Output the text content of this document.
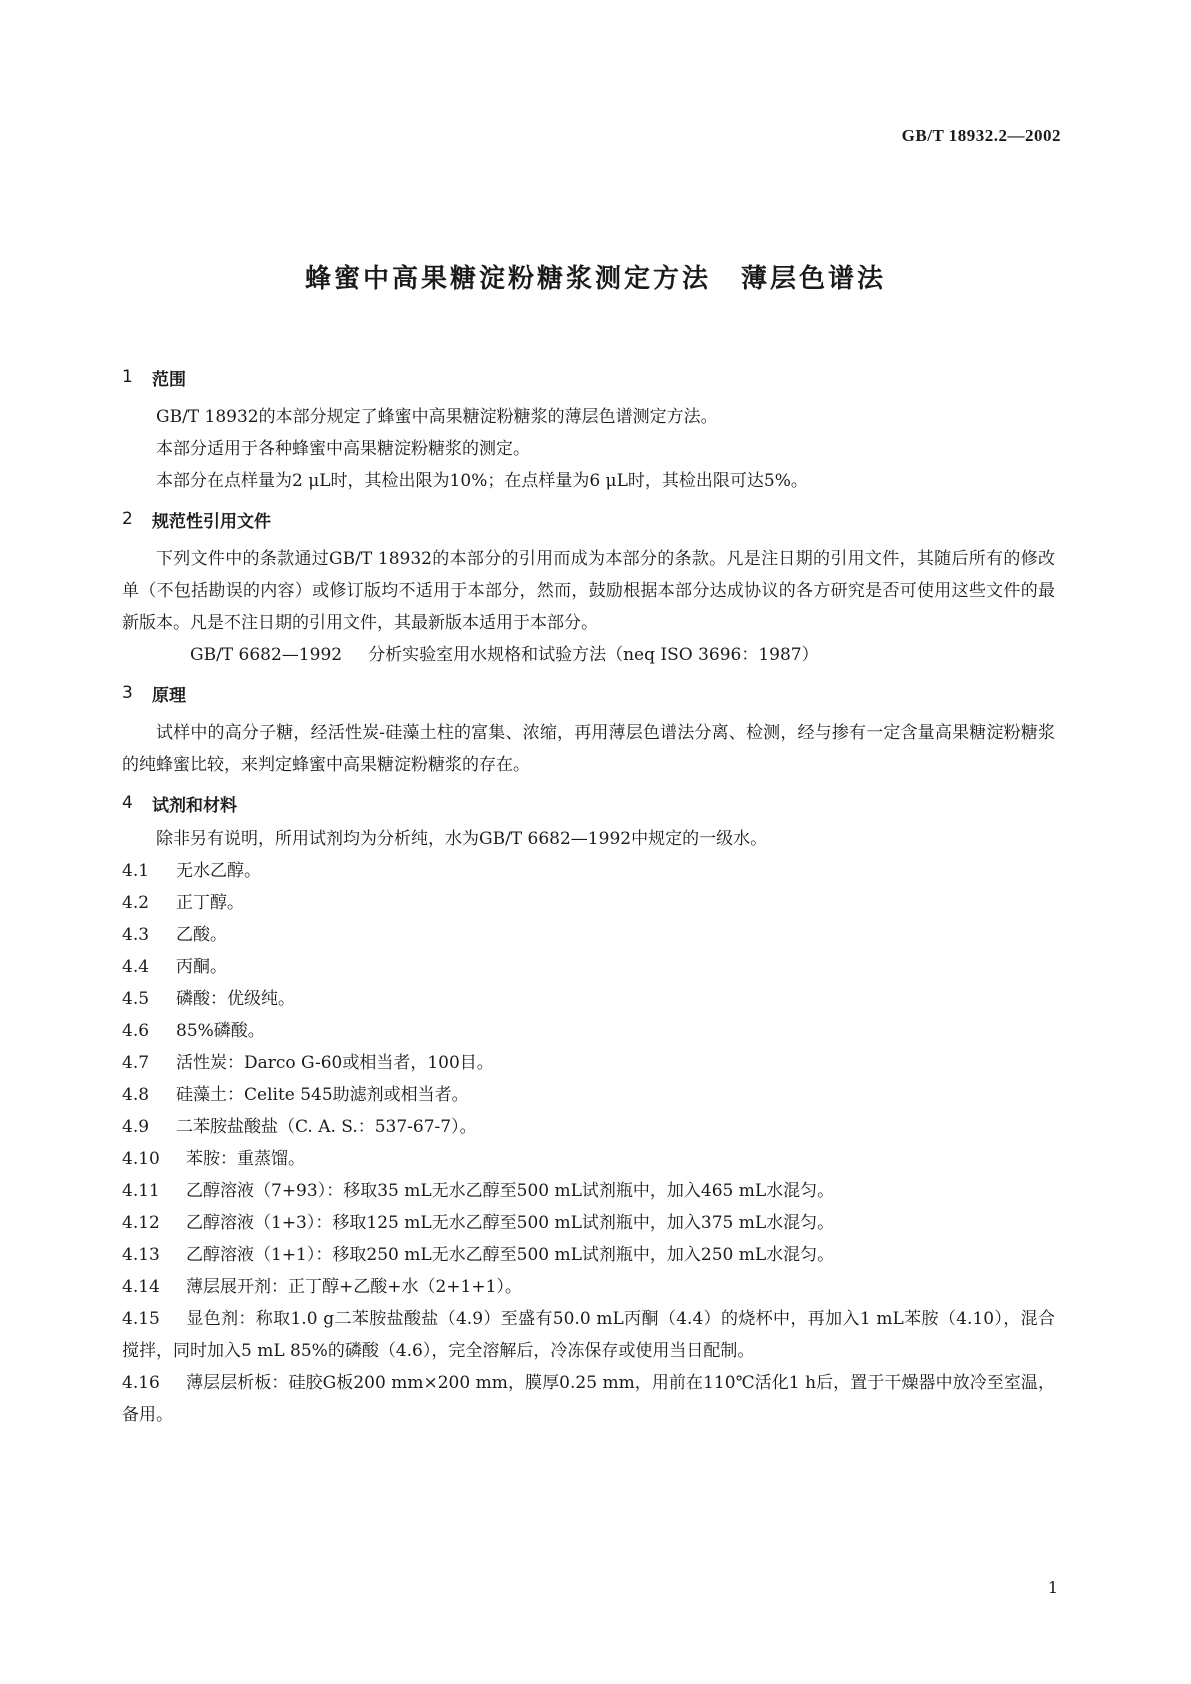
GB/T 18932.2—2002
蜂蜜中高果糖淀粉糖浆测定方法 薄层色谱法
1	范围
GB/T 18932的本部分规定了蜂蜜中高果糖淀粉糖浆的薄层色谱测定方法。
本部分适用于各种蜂蜜中高果糖淀粉糖浆的测定。
本部分在点样量为2 μL时，其检出限为10%；在点样量为6 μL时，其检出限可达5%。
2	规范性引用文件
下列文件中的条款通过GB/T 18932的本部分的引用而成为本部分的条款。凡是注日期的引用文件，其随后所有的修改单（不包括勘误的内容）或修订版均不适用于本部分，然而，鼓励根据本部分达成协议的各方研究是否可使用这些文件的最新版本。凡是不注日期的引用文件，其最新版本适用于本部分。
GB/T 6682—1992 分析实验室用水规格和试验方法（neq ISO 3696：1987）
3	原理
试样中的高分子糖，经活性炭-硅藻土柱的富集、浓缩，再用薄层色谱法分离、检测，经与掺有一定含量高果糖淀粉糖浆的纯蜂蜜比较，来判定蜂蜜中高果糖淀粉糖浆的存在。
4	试剂和材料
除非另有说明，所用试剂均为分析纯，水为GB/T 6682—1992中规定的一级水。
4.1 无水乙醇。
4.2 正丁醇。
4.3 乙酸。
4.4 丙酮。
4.5 磷酸：优级纯。
4.6 85%磷酸。
4.7 活性炭：Darco G-60或相当者，100目。
4.8 硅藻土：Celite 545助滤剂或相当者。
4.9 二苯胺盐酸盐（C. A. S.：537-67-7）。
4.10 苯胺：重蒸馏。
4.11 乙醇溶液（7+93）：移取35 mL无水乙醇至500 mL试剂瓶中，加入465 mL水混匀。
4.12 乙醇溶液（1+3）：移取125 mL无水乙醇至500 mL试剂瓶中，加入375 mL水混匀。
4.13 乙醇溶液（1+1）：移取250 mL无水乙醇至500 mL试剂瓶中，加入250 mL水混匀。
4.14 薄层展开剂：正丁醇+乙酸+水（2+1+1）。
4.15 显色剂：称取1.0 g二苯胺盐酸盐（4.9）至盛有50.0 mL丙酮（4.4）的烧杯中，再加入1 mL苯胺（4.10），混合搅拌，同时加入5 mL 85%的磷酸（4.6），完全溶解后，冷冻保存或使用当日配制。
4.16 薄层层析板：硅胶G板200 mm×200 mm，膜厚0.25 mm，用前在110℃活化1 h后，置于干燥器中放冷至室温，备用。
1
